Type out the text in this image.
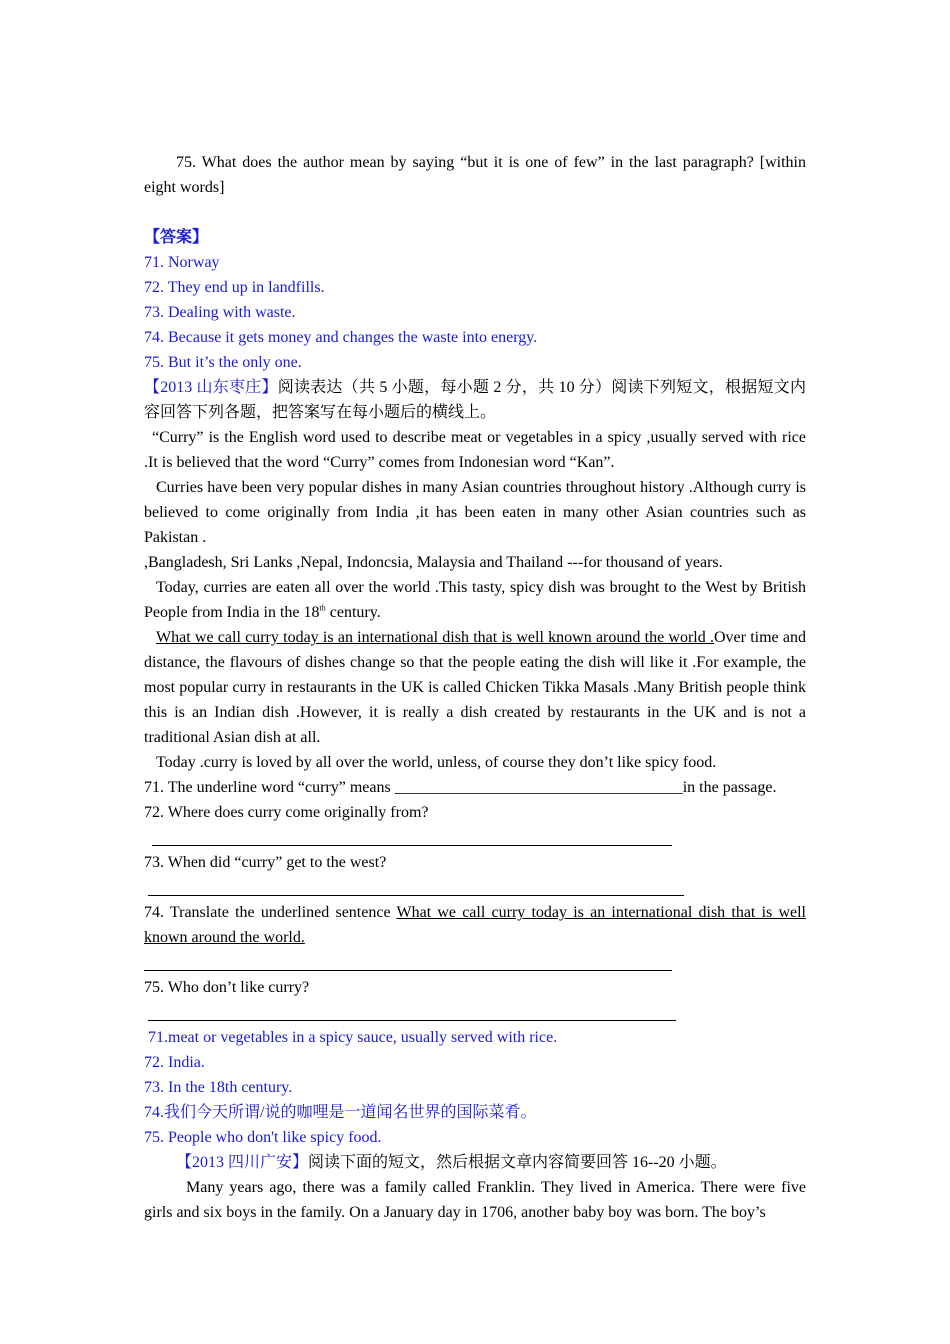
75. What does the author mean by saying “but it is one of few” in the last paragraph? [within eight words]

【答案】

71. Norway

72. They end up in landfills.

73. Dealing with waste.

74. Because it gets money and changes the waste into energy.

75. But it’s the only one.

【2013 山东枣庄】阅读表达（共 5 小题，每小题 2 分，共 10 分）阅读下列短文，根据短文内容回答下列各题，把答案写在每小题后的横线上。

“Curry” is the English word used to describe meat or vegetables in a spicy ,usually served with rice .It is believed that the word “Curry” comes from Indonesian word “Kan”.

Curries have been very popular dishes in many Asian countries throughout history .Although curry is believed to come originally from India ,it has been eaten in many other Asian countries such as Pakistan .

,Bangladesh, Sri Lanks ,Nepal, Indoncsia, Malaysia and Thailand ---for thousand of years.

Today, curries are eaten all over the world .This tasty, spicy dish was brought to the West by British People from India in the 18th century.

What we call curry today is an international dish that is well known around the world .Over time and distance, the flavours of dishes change so that the people eating the dish will like it .For example, the most popular curry in restaurants in the UK is called Chicken Tikka Masals .Many British people think this is an Indian dish .However, it is really a dish created by restaurants in the UK and is not a traditional Asian dish at all.

Today .curry is loved by all over the world, unless, of course they don’t like spicy food.

71. The underline word “curry” means ____________________________________in the passage.

72. Where does curry come originally from?

73. When did “curry” get to the west?

74. Translate the underlined sentence What we call curry today is an international dish that is well known around the world.

75. Who don’t like curry?

71.meat or vegetables in a spicy sauce, usually served with rice.

72. India.

73. In the 18th century.

74.我们今天所谓/说的咖哩是一道闻名世界的国际菜肴。

75. People who don't like spicy food.

【2013 四川广安】阅读下面的短文，然后根据文章内容简要回答 16--20 小题。

Many years ago, there was a family called Franklin. They lived in America. There were five girls and six boys in the family. On a January day in 1706, another baby boy was born. The boy’s
